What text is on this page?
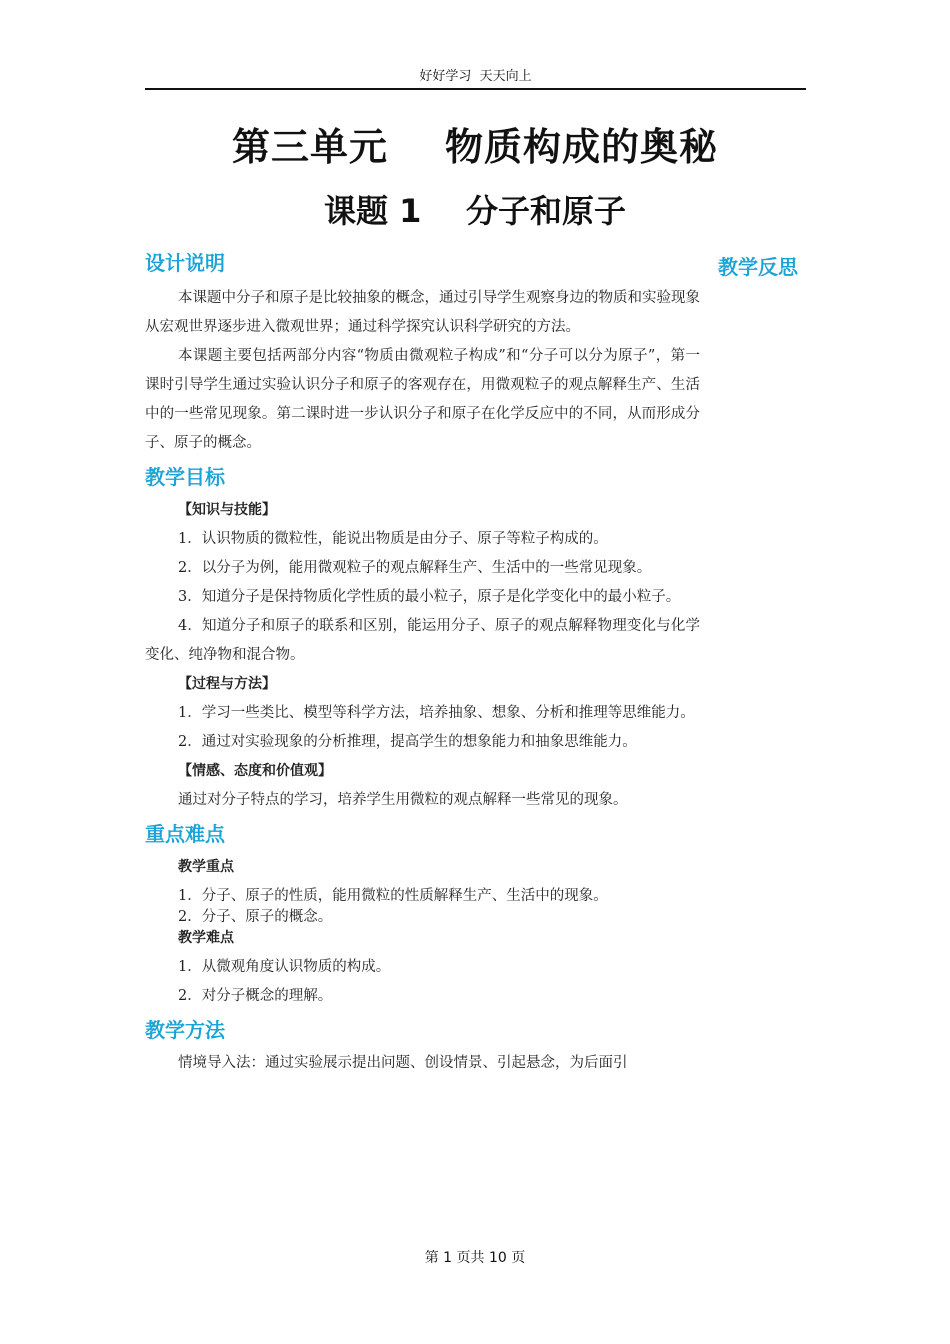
好好学习  天天向上
第三单元    物质构成的奥秘
课题 1    分子和原子
教学反思
设计说明

本课题中分子和原子是比较抽象的概念，通过引导学生观察身边的物质和实验现象从宏观世界逐步进入微观世界；通过科学探究认识科学研究的方法。

本课题主要包括两部分内容“物质由微观粒子构成”和“分子可以分为原子”，第一课时引导学生通过实验认识分子和原子的客观存在，用微观粒子的观点解释生产、生活中的一些常见现象。第二课时进一步认识分子和原子在化学反应中的不同，从而形成分子、原子的概念。

教学目标

【知识与技能】

1．认识物质的微粒性，能说出物质是由分子、原子等粒子构成的。

2．以分子为例，能用微观粒子的观点解释生产、生活中的一些常见现象。

3．知道分子是保持物质化学性质的最小粒子，原子是化学变化中的最小粒子。

4．知道分子和原子的联系和区别，能运用分子、原子的观点解释物理变化与化学变化、纯净物和混合物。

【过程与方法】

1．学习一些类比、模型等科学方法，培养抽象、想象、分析和推理等思维能力。

2．通过对实验现象的分析推理，提高学生的想象能力和抽象思维能力。

【情感、态度和价值观】

通过对分子特点的学习，培养学生用微粒的观点解释一些常见的现象。

重点难点

教学重点

1．分子、原子的性质，能用微粒的性质解释生产、生活中的现象。

2．分子、原子的概念。

教学难点

1．从微观角度认识物质的构成。

2．对分子概念的理解。

教学方法

情境导入法：通过实验展示提出问题、创设情景、引起悬念，为后面引

第 1 页共 10 页
